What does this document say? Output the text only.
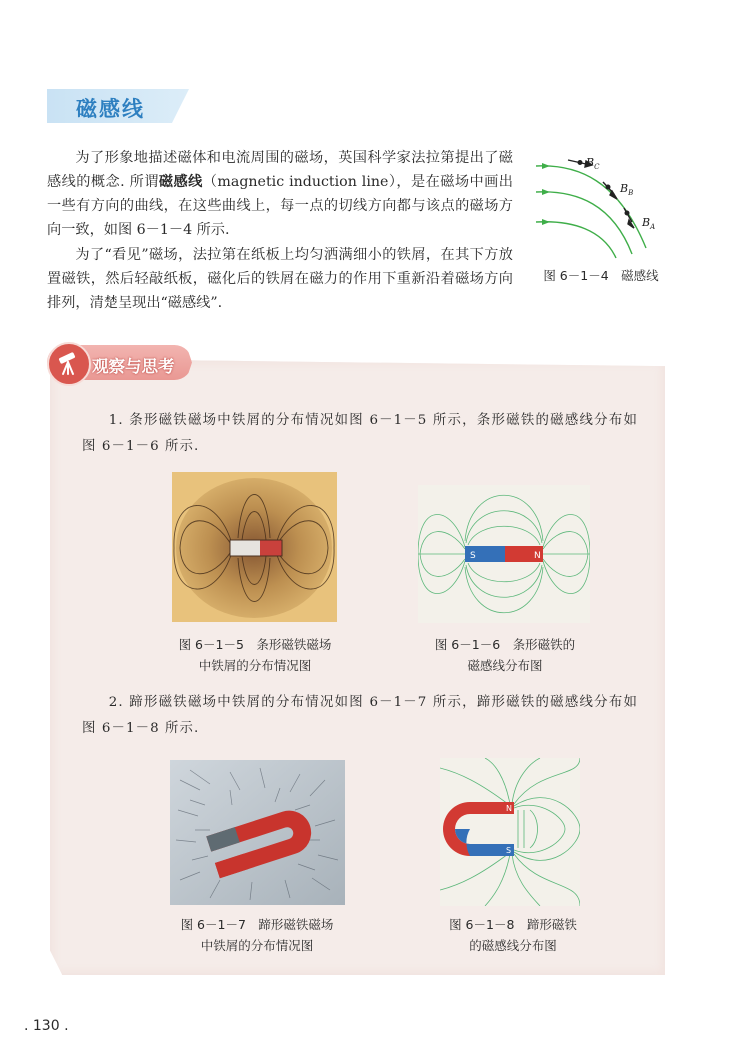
磁感线

为了形象地描述磁体和电流周围的磁场，英国科学家法拉第提出了磁感线的概念. 所谓磁感线（magnetic induction line），是在磁场中画出一些有方向的曲线，在这些曲线上，每一点的切线方向都与该点的磁场方向一致，如图 6－1－4 所示.

为了“看见”磁场，法拉第在纸板上均匀洒满细小的铁屑，在其下方放置磁铁，然后轻敲纸板，磁化后的铁屑在磁力的作用下重新沿着磁场方向排列，清楚呈现出“磁感线”.

$B_C$
$B_B$
$B_A$
图 6－1－4　磁感线
观察与思考

1. 条形磁铁磁场中铁屑的分布情况如图 6－1－5 所示，条形磁铁的磁感线分布如图 6－1－6 所示.

图 6－1－5　条形磁铁磁场
中铁屑的分布情况图
S	N
图 6－1－6　条形磁铁的
磁感线分布图

2. 蹄形磁铁磁场中铁屑的分布情况如图 6－1－7 所示，蹄形磁铁的磁感线分布如图 6－1－8 所示.

图 6－1－7　蹄形磁铁磁场
中铁屑的分布情况图
N
S
图 6－1－8　蹄形磁铁
的磁感线分布图
. 130 .
